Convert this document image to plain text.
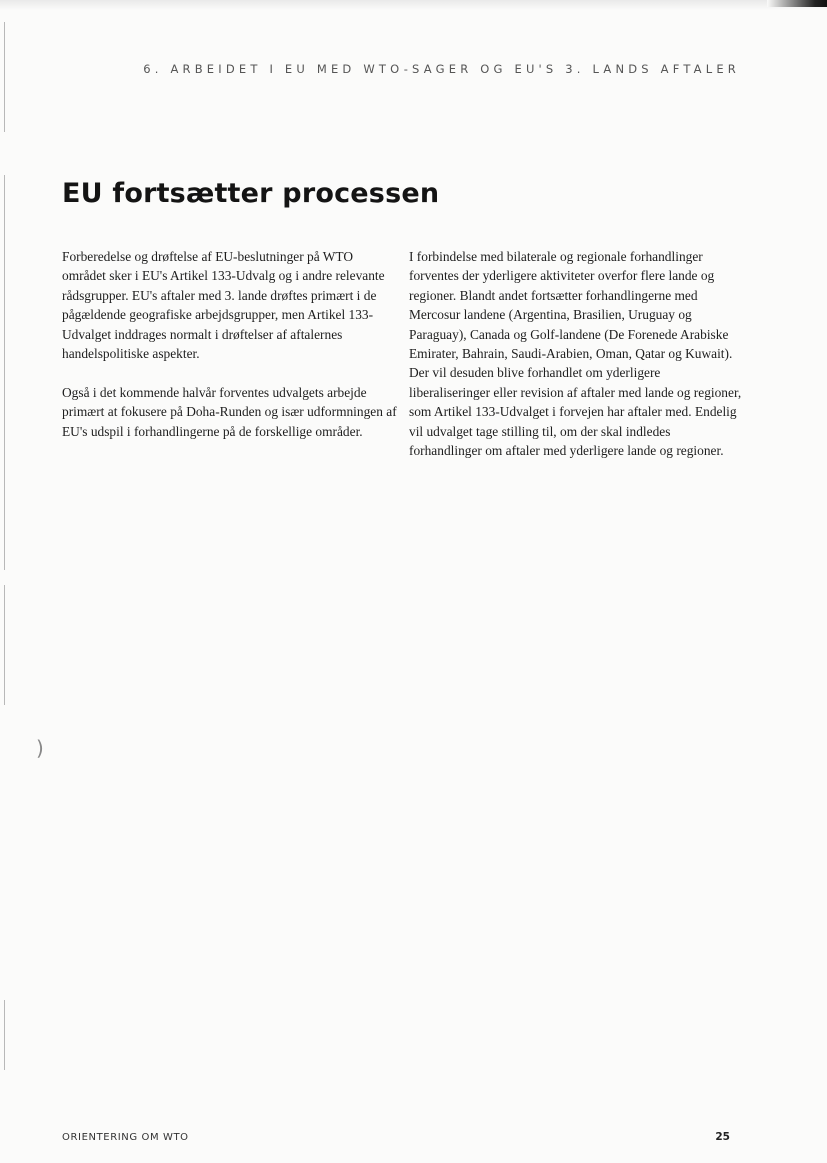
)
6. ARBEIDET I EU MED WTO-SAGER OG EU'S 3. LANDS AFTALER
EU fortsætter processen

Forberedelse og drøftelse af EU-beslutninger på WTO området sker i EU's Artikel 133-Udvalg og i andre relevante rådsgrupper. EU's aftaler med 3. lande drøftes primært i de pågældende geografiske arbejdsgrupper, men Artikel 133-Udvalget inddrages normalt i drøftelser af aftalernes handelspolitiske aspekter.

Også i det kommende halvår forventes udvalgets arbejde primært at fokusere på Doha-Runden og især udformningen af EU's udspil i forhandlingerne på de forskellige områder.

I forbindelse med bilaterale og regionale forhandlinger forventes der yderligere aktiviteter overfor flere lande og regioner. Blandt andet fortsætter forhandlingerne med Mercosur landene (Argentina, Brasilien, Uruguay og Paraguay), Canada og Golf-landene (De Forenede Arabiske Emirater, Bahrain, Saudi-Arabien, Oman, Qatar og Kuwait). Der vil desuden blive forhandlet om yderligere liberaliseringer eller revision af aftaler med lande og regioner, som Artikel 133-Udvalget i forvejen har aftaler med. Endelig vil udvalget tage stilling til, om der skal indledes forhandlinger om aftaler med yderligere lande og regioner.

ORIENTERING OM WTO	25
